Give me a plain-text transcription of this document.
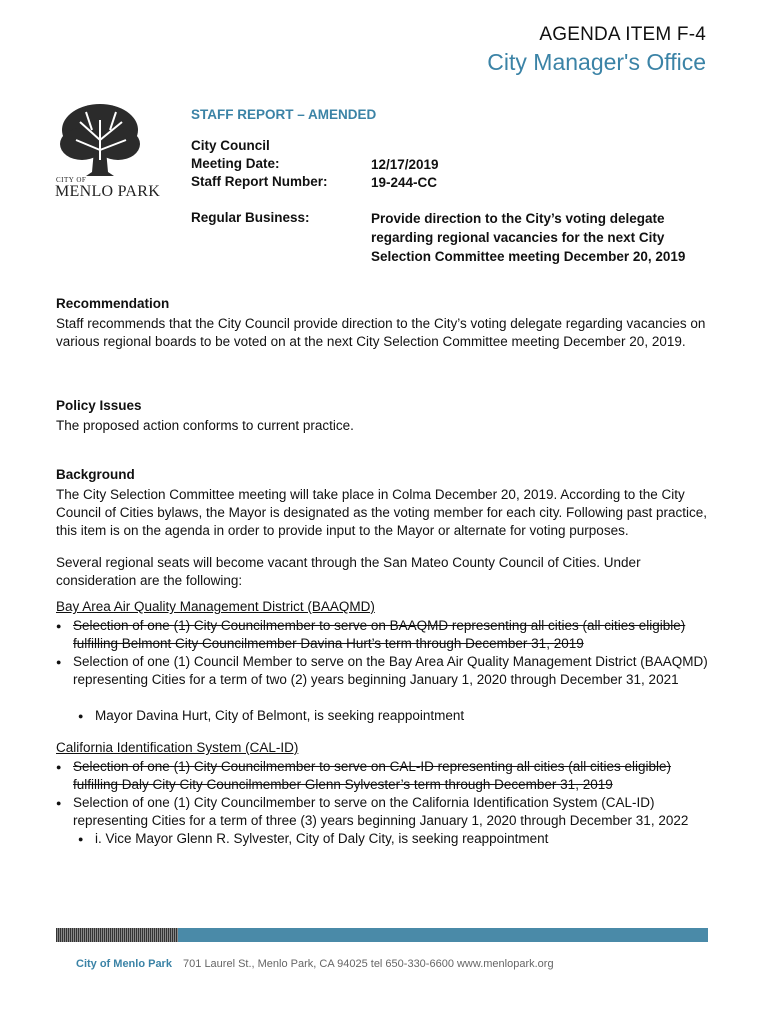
AGENDA ITEM F-4
City Manager's Office
CITY OF
MENLO PARK
STAFF REPORT – AMENDED
City Council
Meeting Date:	12/17/2019
Staff Report Number:	19-244-CC
Regular Business:	Provide direction to the City’s voting delegate regarding regional vacancies for the next City Selection Committee meeting December 20, 2019
Recommendation

Staff recommends that the City Council provide direction to the City’s voting delegate regarding vacancies on various regional boards to be voted on at the next City Selection Committee meeting December 20, 2019.

Policy Issues

The proposed action conforms to current practice.

Background

The City Selection Committee meeting will take place in Colma December 20, 2019. According to the City Council of Cities bylaws, the Mayor is designated as the voting member for each city. Following past practice, this item is on the agenda in order to provide input to the Mayor or alternate for voting purposes.

Several regional seats will become vacant through the San Mateo County Council of Cities. Under consideration are the following:

Bay Area Air Quality Management District (BAAQMD)
● Selection of one (1) City Councilmember to serve on BAAQMD representing all cities (all cities eligible) fulfilling Belmont City Councilmember Davina Hurt’s term through December 31, 2019
● Selection of one (1) Council Member to serve on the Bay Area Air Quality Management District (BAAQMD) representing Cities for a term of two (2) years beginning January 1, 2020 through December 31, 2021
● Mayor Davina Hurt, City of Belmont, is seeking reappointment
California Identification System (CAL-ID)
● Selection of one (1) City Councilmember to serve on CAL-ID representing all cities (all cities eligible) fulfilling Daly City City Councilmember Glenn Sylvester’s term through December 31, 2019
● Selection of one (1) City Councilmember to serve on the California Identification System (CAL-ID) representing Cities for a term of three (3) years beginning January 1, 2020 through December 31, 2022
● i. Vice Mayor Glenn R. Sylvester, City of Daly City, is seeking reappointment
City of Menlo Park 701 Laurel St., Menlo Park, CA 94025 tel 650-330-6600 www.menlopark.org
